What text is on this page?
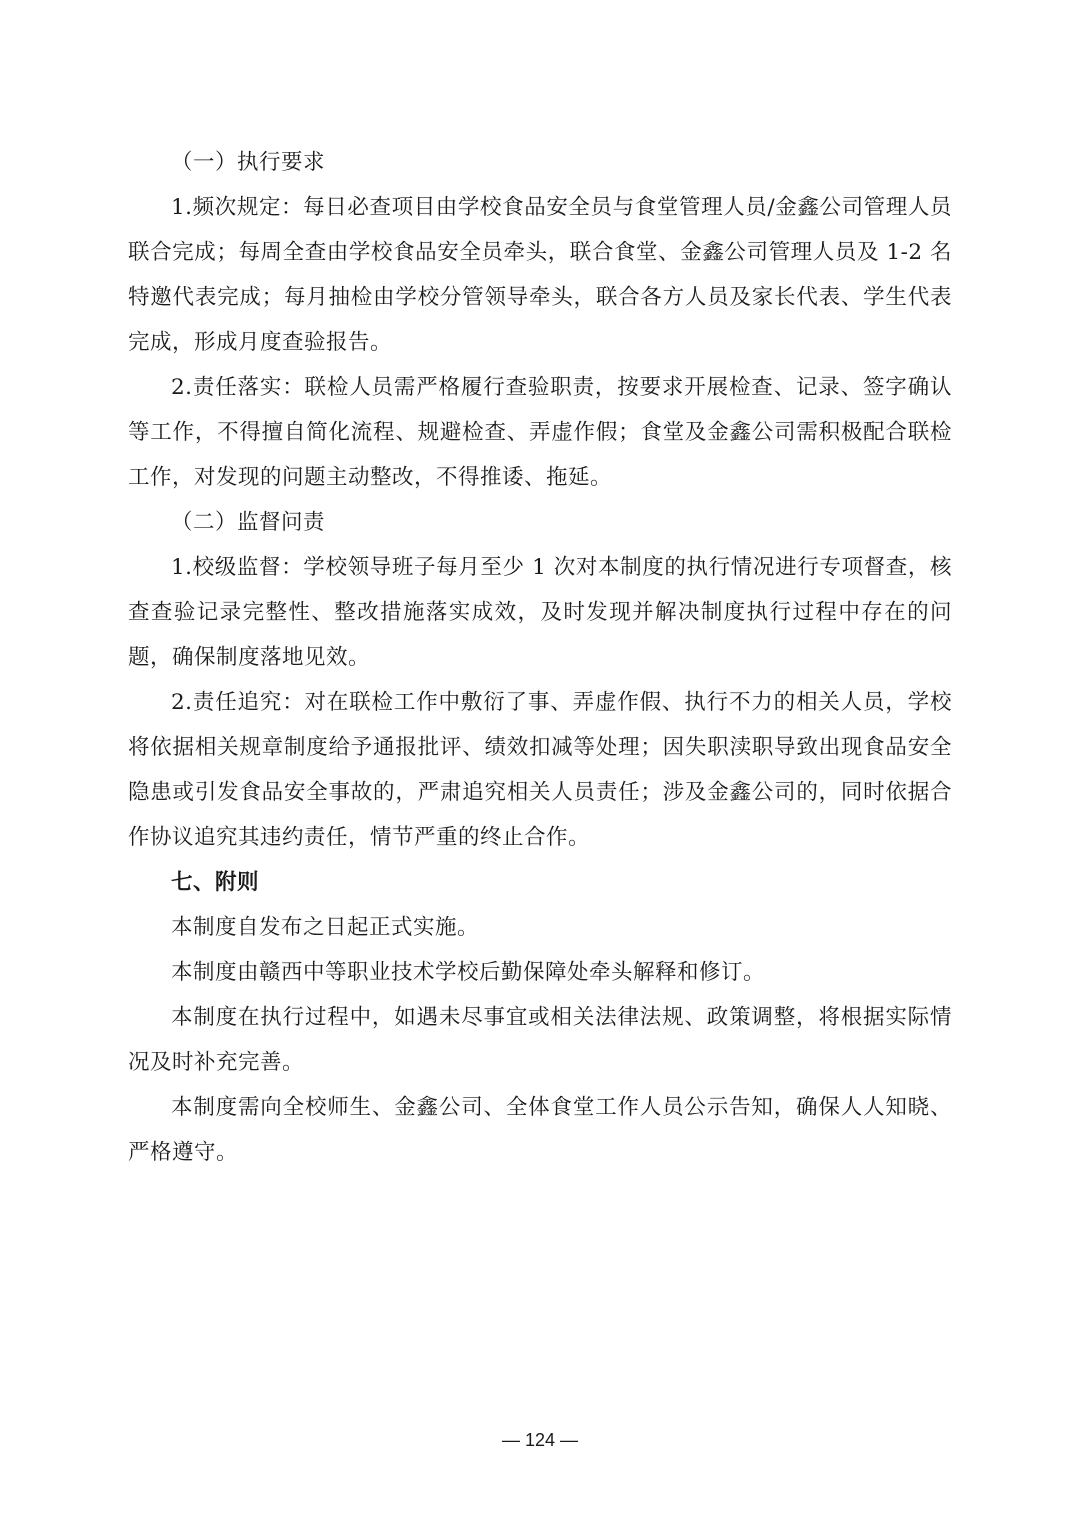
（一）执行要求

1.频次规定：每日必查项目由学校食品安全员与食堂管理人员/金鑫公司管理人员联合完成；每周全查由学校食品安全员牵头，联合食堂、金鑫公司管理人员及 1-2 名特邀代表完成；每月抽检由学校分管领导牵头，联合各方人员及家长代表、学生代表完成，形成月度查验报告。

2.责任落实：联检人员需严格履行查验职责，按要求开展检查、记录、签字确认等工作，不得擅自简化流程、规避检查、弄虚作假；食堂及金鑫公司需积极配合联检工作，对发现的问题主动整改，不得推诿、拖延。

（二）监督问责

1.校级监督：学校领导班子每月至少 1 次对本制度的执行情况进行专项督查，核查查验记录完整性、整改措施落实成效，及时发现并解决制度执行过程中存在的问题，确保制度落地见效。

2.责任追究：对在联检工作中敷衍了事、弄虚作假、执行不力的相关人员，学校将依据相关规章制度给予通报批评、绩效扣减等处理；因失职渎职导致出现食品安全隐患或引发食品安全事故的，严肃追究相关人员责任；涉及金鑫公司的，同时依据合作协议追究其违约责任，情节严重的终止合作。

七、附则

本制度自发布之日起正式实施。

本制度由赣西中等职业技术学校后勤保障处牵头解释和修订。

本制度在执行过程中，如遇未尽事宜或相关法律法规、政策调整，将根据实际情况及时补充完善。

本制度需向全校师生、金鑫公司、全体食堂工作人员公示告知，确保人人知晓、严格遵守。

— 124 —
